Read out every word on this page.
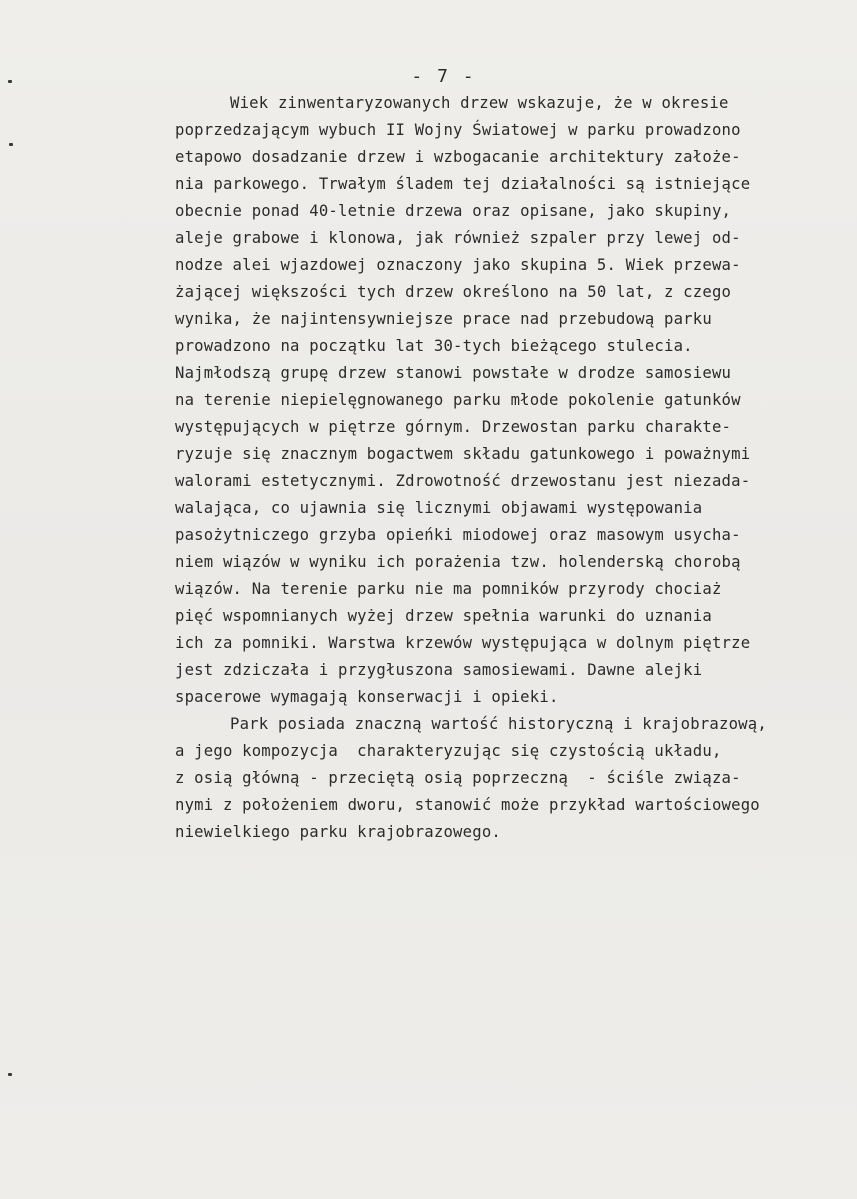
- 7 -
Wiek zinwentaryzowanych drzew wskazuje, że w okresie
poprzedzającym wybuch II Wojny Światowej w parku prowadzono
etapowo dosadzanie drzew i wzbogacanie architektury założe-
nia parkowego. Trwałym śladem tej działalności są istniejące
obecnie ponad 40-letnie drzewa oraz opisane, jako skupiny,
aleje grabowe i klonowa, jak również szpaler przy lewej od-
nodze alei wjazdowej oznaczony jako skupina 5. Wiek przewa-
żającej większości tych drzew określono na 50 lat, z czego
wynika, że najintensywniejsze prace nad przebudową parku
prowadzono na początku lat 30-tych bieżącego stulecia.
Najmłodszą grupę drzew stanowi powstałe w drodze samosiewu
na terenie niepielęgnowanego parku młode pokolenie gatunków
występujących w piętrze górnym. Drzewostan parku charakte-
ryzuje się znacznym bogactwem składu gatunkowego i poważnymi
walorami estetycznymi. Zdrowotność drzewostanu jest niezada-
walająca, co ujawnia się licznymi objawami występowania
pasożytniczego grzyba opieńki miodowej oraz masowym usycha-
niem wiązów w wyniku ich porażenia tzw. holenderską chorobą
wiązów. Na terenie parku nie ma pomników przyrody chociaż
pięć wspomnianych wyżej drzew spełnia warunki do uznania
ich za pomniki. Warstwa krzewów występująca w dolnym piętrze
jest zdziczała i przygłuszona samosiewami. Dawne alejki
spacerowe wymagają konserwacji i opieki.
Park posiada znaczną wartość historyczną i krajobrazową,
a jego kompozycja  charakteryzując się czystością układu,
z osią główną - przeciętą osią poprzeczną  - ściśle związa-
nymi z położeniem dworu, stanowić może przykład wartościowego
niewielkiego parku krajobrazowego.
